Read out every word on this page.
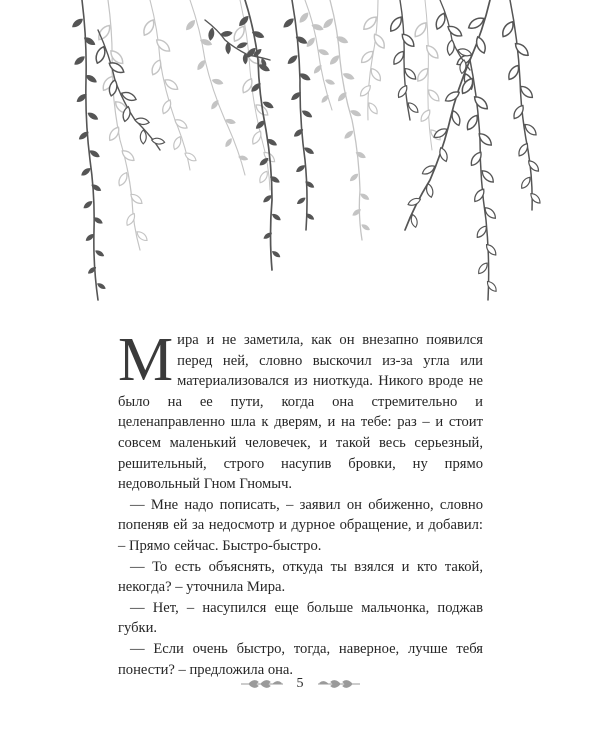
Мира и не заметила, как он внезапно появился перед ней, словно выскочил из-за угла или материализовался из ниоткуда. Никого вроде не было на ее пути, когда она стремительно и целенаправленно шла к дверям, и на тебе: раз – и стоит совсем маленький человечек, и такой весь серьезный, решительный, строго насупив бровки, ну прямо недовольный Гном Гномыч.

— Мне надо пописать, – заявил он обиженно, словно попеняв ей за недосмотр и дурное обращение, и добавил: – Прямо сейчас. Быстро-быстро.

— То есть объяснять, откуда ты взялся и кто такой, некогда? – уточнила Мира.

— Нет, – насупился еще больше мальчонка, поджав губки.

— Если очень быстро, тогда, наверное, лучше тебя понести? – предложила она.

5
